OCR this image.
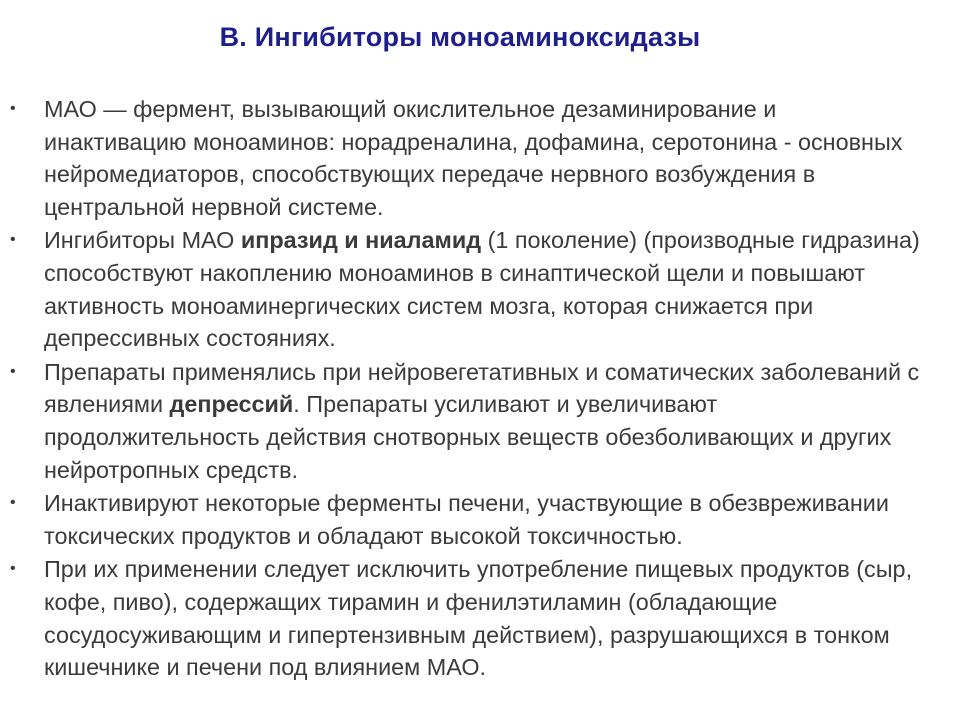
В. Ингибиторы моноаминоксидазы
• МАО — фермент, вызывающий окислительное дезаминирование и инактивацию моноаминов: норадреналина, дофамина, серотонина - основных нейромедиаторов, способствующих передаче нервного возбуждения в центральной нервной системе.
• Ингибиторы МАО ипразид и ниаламид (1 поколение) (производные гидразина) способствуют накоплению моноаминов в синаптической щели и повышают активность моноаминергических систем мозга, которая снижается при депрессивных состояниях.
• Препараты применялись при нейровегетативных и соматических заболеваний с явлениями депрессий. Препараты усиливают и увеличивают продолжительность действия снотворных веществ обезболивающих и других нейротропных средств.
• Инактивируют некоторые ферменты печени, участвующие в обезвреживании токсических продуктов и обладают высокой токсичностью.
• При их применении следует исключить употребление пищевых продуктов (сыр, кофе, пиво), содержащих тирамин и фенилэтиламин (обладающие сосудосуживающим и гипертензивным действием), разрушающихся в тонком кишечнике и печени под влиянием МАО.
